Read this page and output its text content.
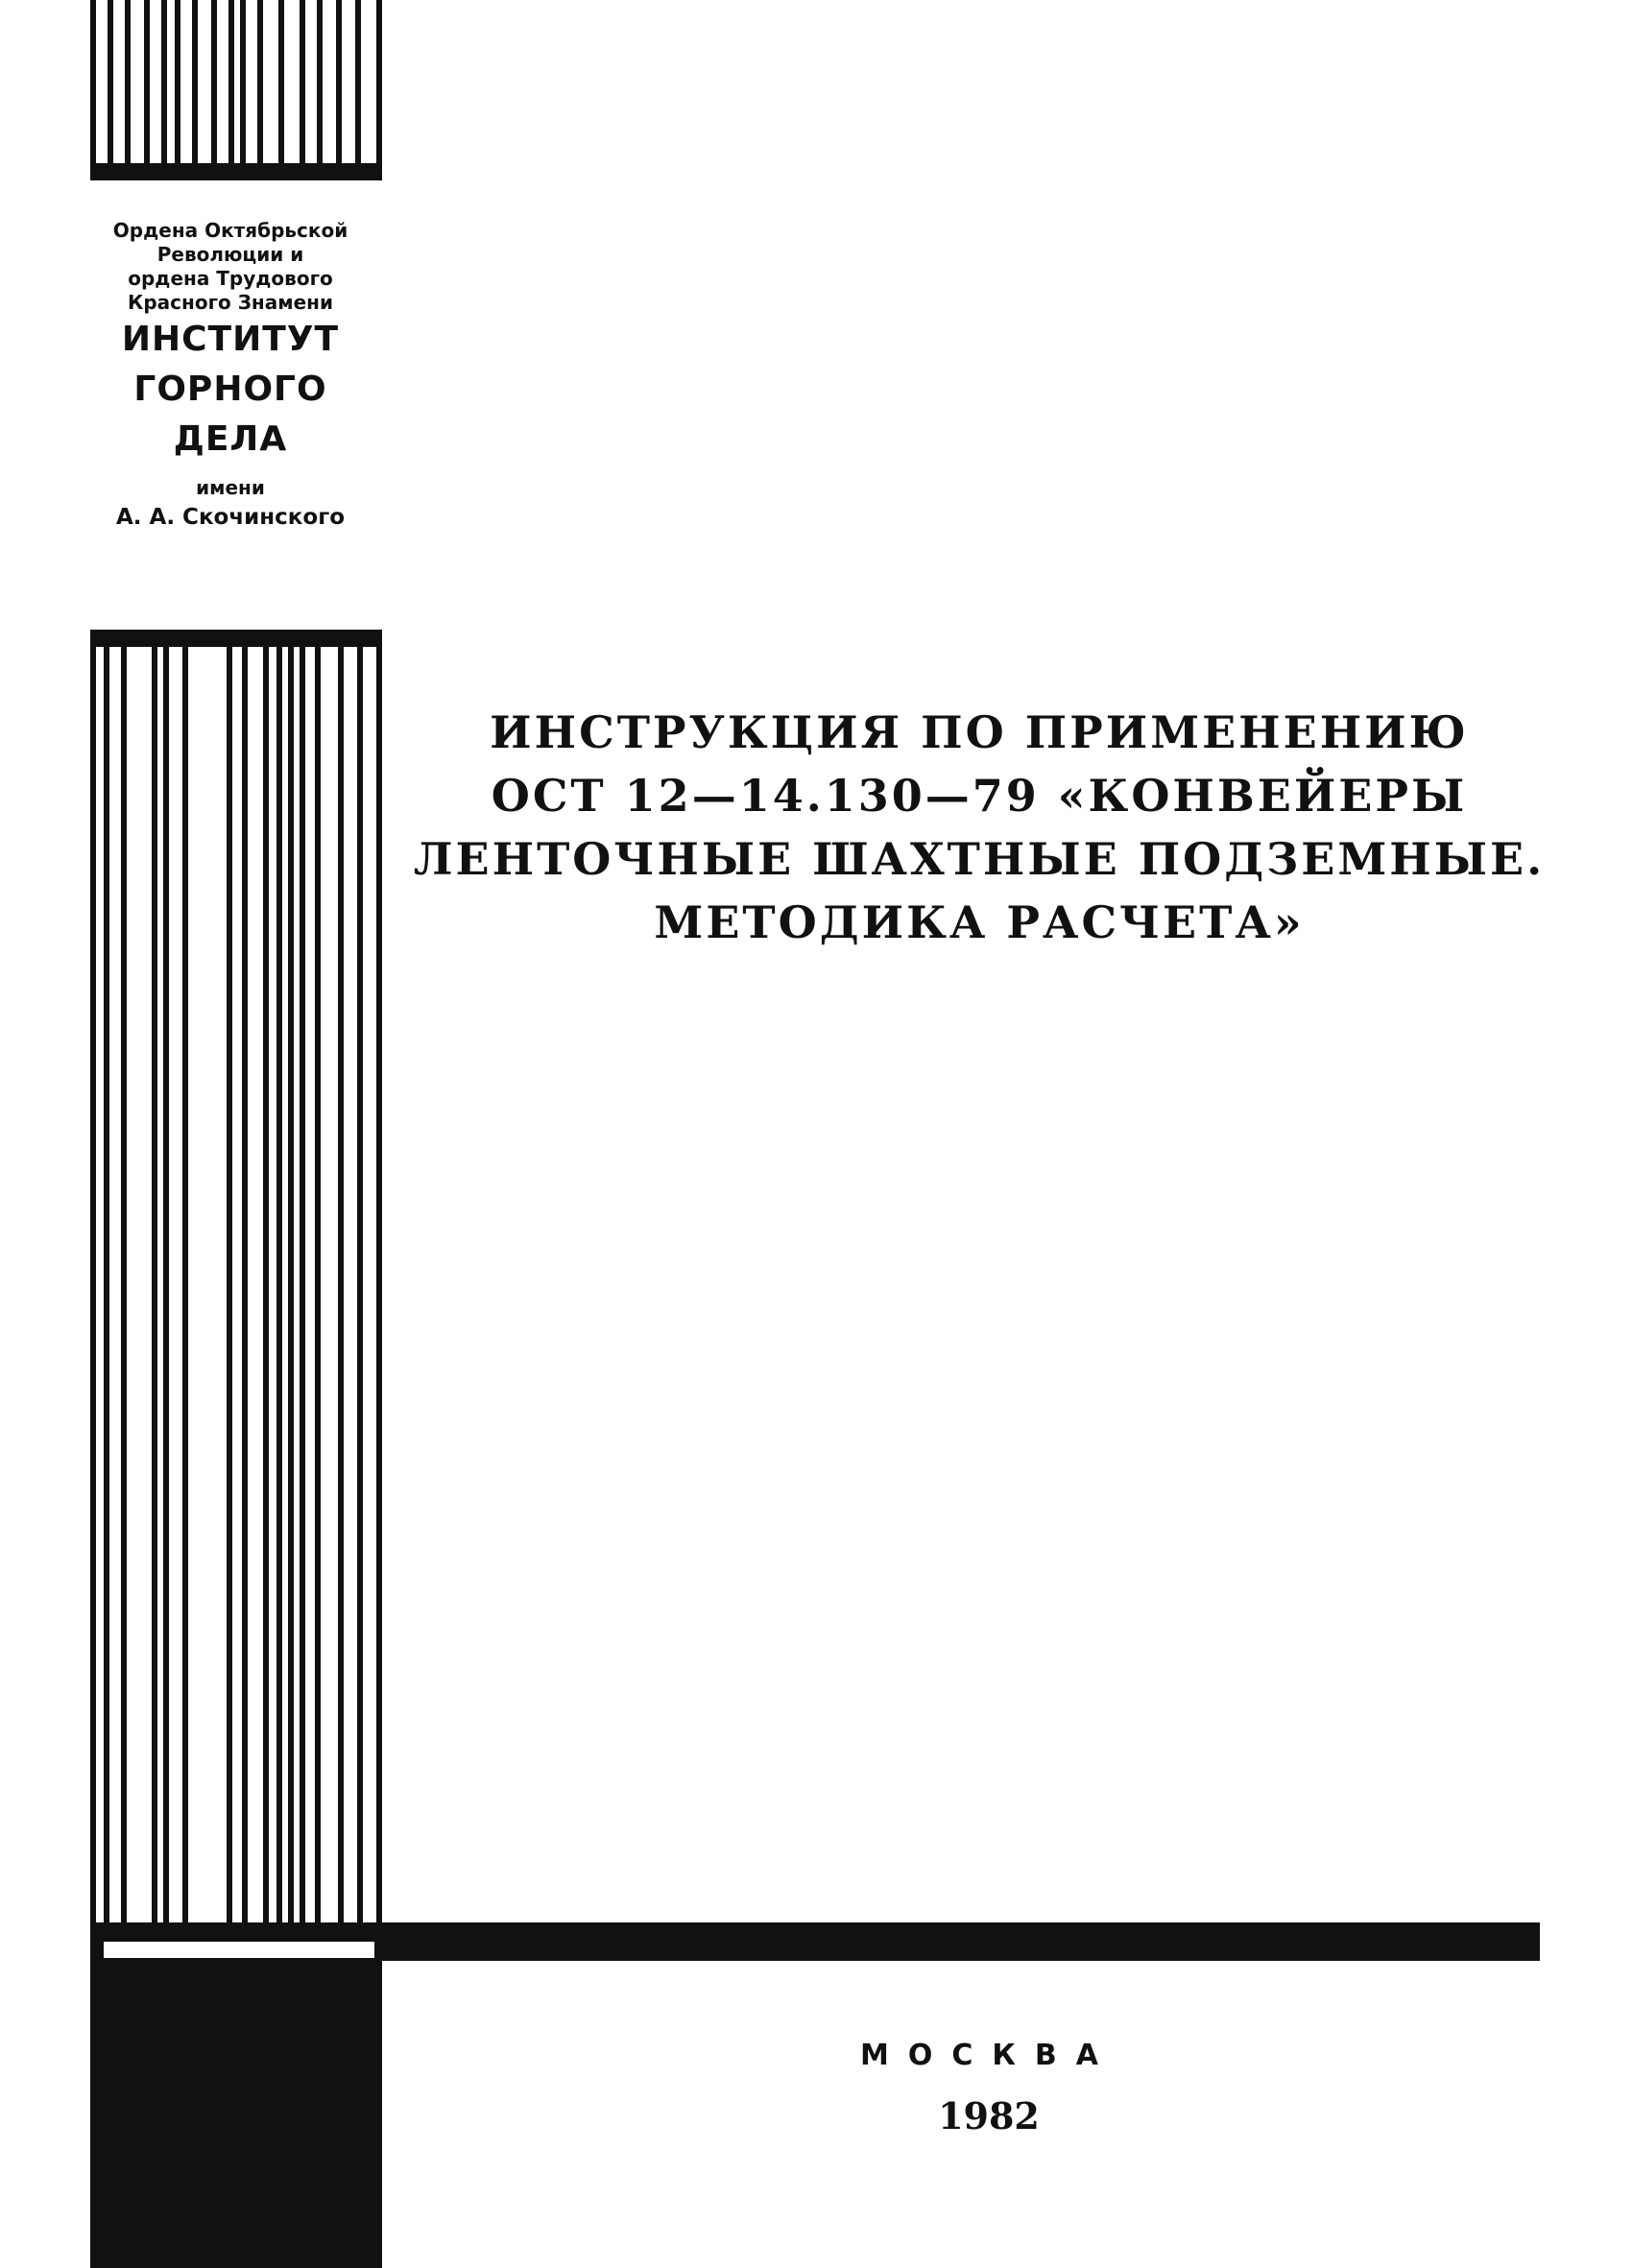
Ордена Октябрьской
Революции и
ордена Трудового
Красного Знамени
ИНСТИТУТ
ГОРНОГО
ДЕЛА
имени
А. А. Скочинского
ИНСТРУКЦИЯ ПО ПРИМЕНЕНИЮ
ОСТ 12—14.130—79 «КОНВЕЙЕРЫ
ЛЕНТОЧНЫЕ ШАХТНЫЕ ПОДЗЕМНЫЕ.
МЕТОДИКА РАСЧЕТА»
МОСКВА
1982
